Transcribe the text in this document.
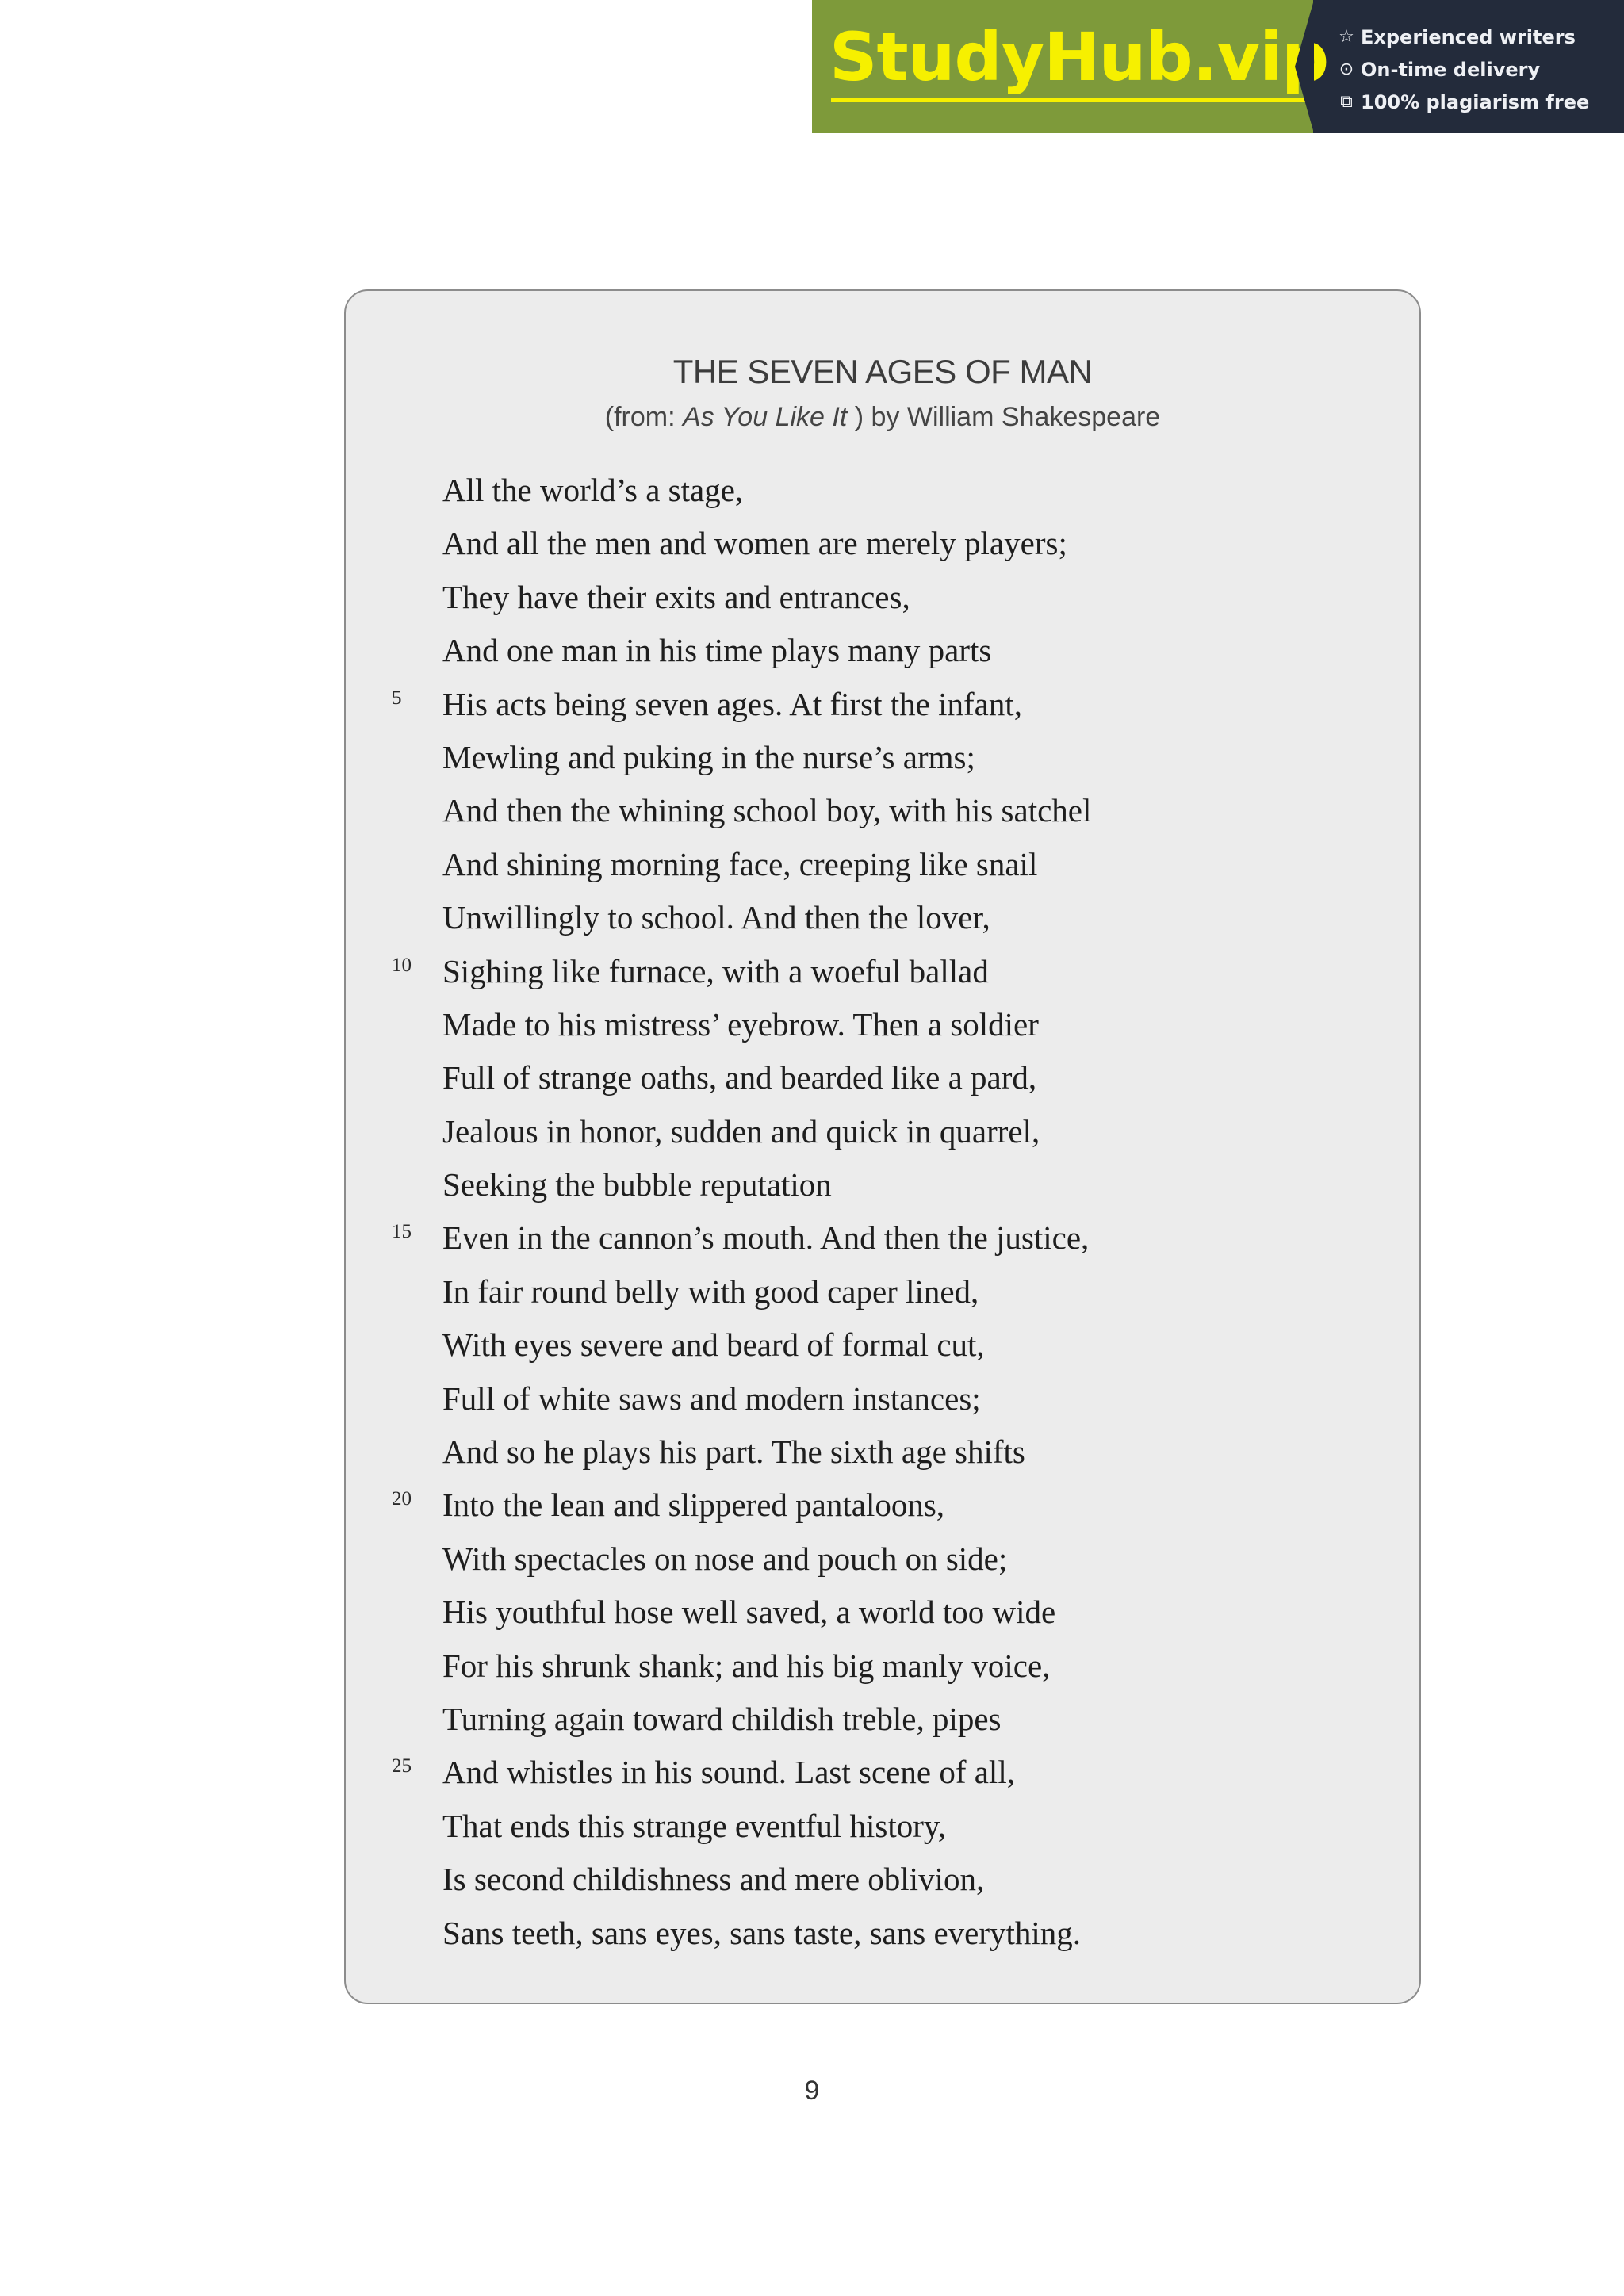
StudyHub.vip ☆ Experienced writers
⊙ On-time delivery
⧉ 100% plagiarism free
THE SEVEN AGES OF MAN
(from: As You Like It ) by William Shakespeare
All the world’s a stage,
And all the men and women are merely players;
They have their exits and entrances,
And one man in his time plays many parts
5 His acts being seven ages. At first the infant,
Mewling and puking in the nurse’s arms;
And then the whining school boy, with his satchel
And shining morning face, creeping like snail
Unwillingly to school. And then the lover,
10 Sighing like furnace, with a woeful ballad
Made to his mistress’ eyebrow. Then a soldier
Full of strange oaths, and bearded like a pard,
Jealous in honor, sudden and quick in quarrel,
Seeking the bubble reputation
15 Even in the cannon’s mouth. And then the justice,
In fair round belly with good caper lined,
With eyes severe and beard of formal cut,
Full of white saws and modern instances;
And so he plays his part. The sixth age shifts
20 Into the lean and slippered pantaloons,
With spectacles on nose and pouch on side;
His youthful hose well saved, a world too wide
For his shrunk shank; and his big manly voice,
Turning again toward childish treble, pipes
25 And whistles in his sound. Last scene of all,
That ends this strange eventful history,
Is second childishness and mere oblivion,
Sans teeth, sans eyes, sans taste, sans everything.
9
